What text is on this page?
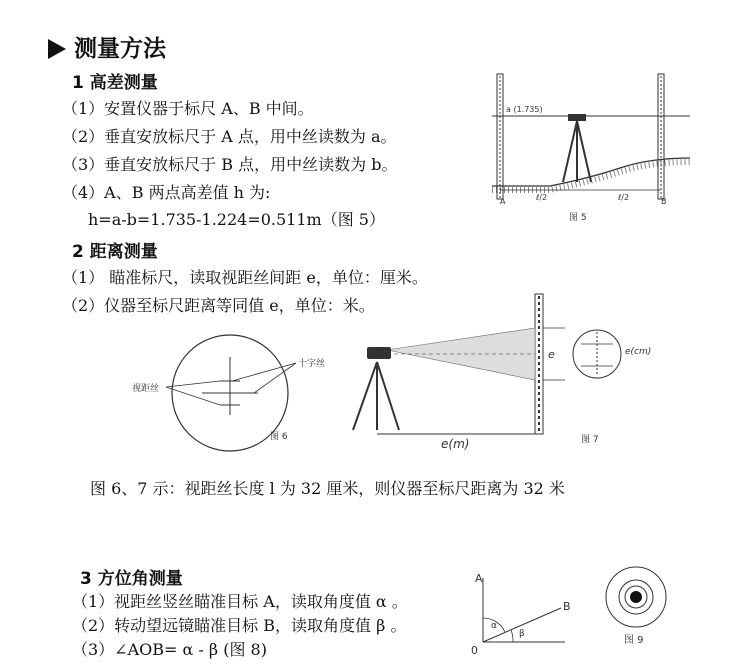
测量方法
1 高差测量
（1）安置仪器于标尺 A、B 中间。
（2）垂直安放标尺于 A 点，用中丝读数为 a。
（3）垂直安放标尺于 B 点，用中丝读数为 b。
（4）A、B 两点高差值 h 为:
h=a-b=1.735-1.224=0.511m（图 5）
2 距离测量
（1） 瞄准标尺，读取视距丝间距 e，单位：厘米。
（2）仪器至标尺距离等同值 e，单位：米。
图 6、7 示：视距丝长度 l 为 32 厘米，则仪器至标尺距离为 32 米
3 方位角测量
（1）视距丝竖丝瞄准目标 A，读取角度值 α 。
（2）转动望远镜瞄准目标 B，读取角度值 β 。
（3）∠AOB= α - β (图 8)
a (1.735)
ℓ/2	ℓ/2
A	B
图 5
十字丝
视距丝
图 6
e
e(m)
e(cm)
图 7
A
B
0
α
β
图 9
